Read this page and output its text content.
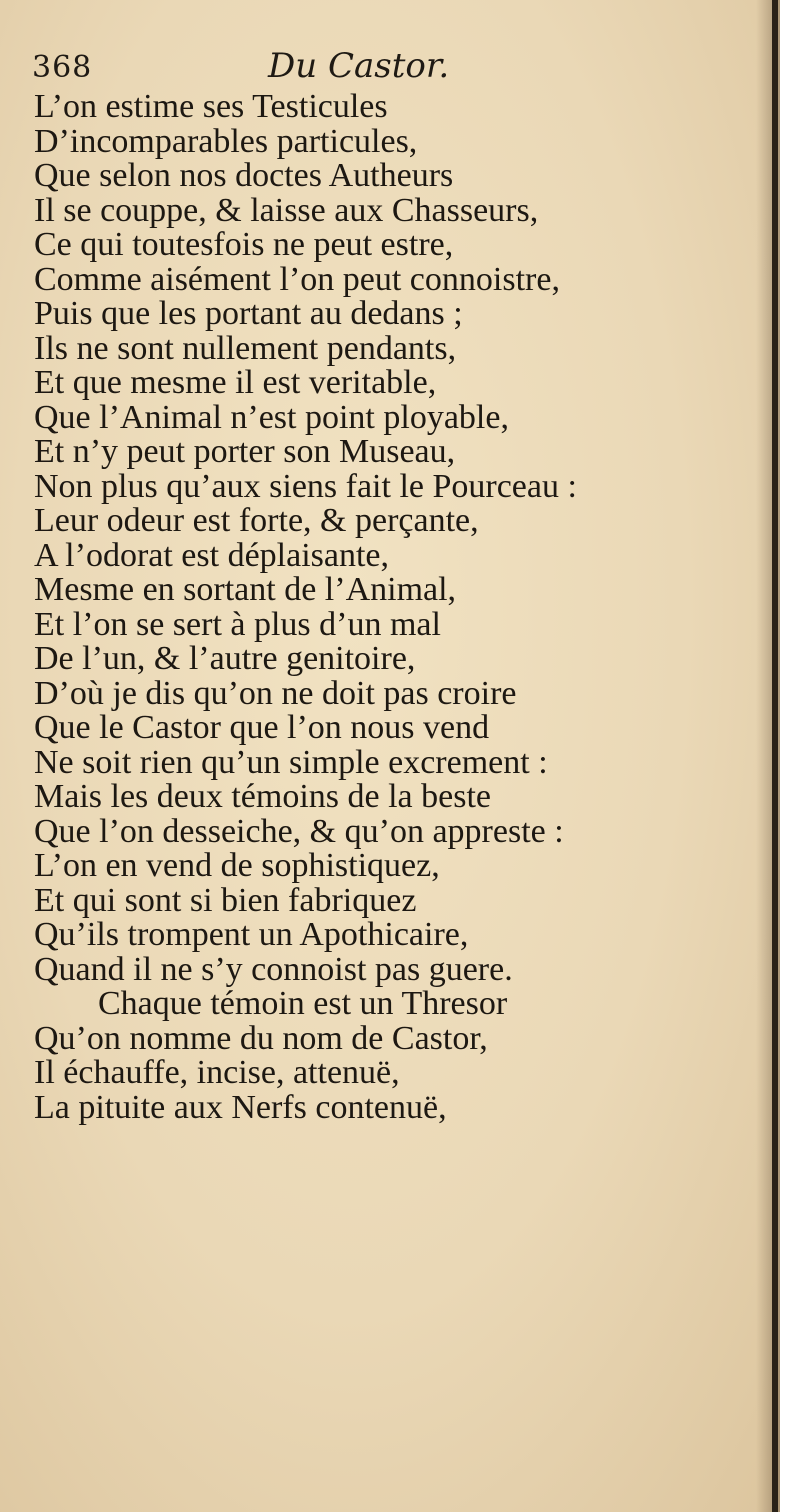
368	Du Castor.
L’on estime ses Testicules
D’incomparables particules,
Que selon nos doctes Autheurs
Il se couppe, & laisse aux Chasseurs,
Ce qui toutesfois ne peut estre,
Comme aisément l’on peut connoistre,
Puis que les portant au dedans ;
Ils ne sont nullement pendants,
Et que mesme il est veritable,
Que l’Animal n’est point ployable,
Et n’y peut porter son Museau,
Non plus qu’aux siens fait le Pourceau :
Leur odeur est forte, & perçante,
A l’odorat est déplaisante,
Mesme en sortant de l’Animal,
Et l’on se sert à plus d’un mal
De l’un, & l’autre genitoire,
D’où je dis qu’on ne doit pas croire
Que le Castor que l’on nous vend
Ne soit rien qu’un simple excrement :
Mais les deux témoins de la beste
Que l’on desseiche, & qu’on appreste :
L’on en vend de sophistiquez,
Et qui sont si bien fabriquez
Qu’ils trompent un Apothicaire,
Quand il ne s’y connoist pas guere.
Chaque témoin est un Thresor
Qu’on nomme du nom de Castor,
Il échauffe, incise, attenuë,
La pituite aux Nerfs contenuë,
